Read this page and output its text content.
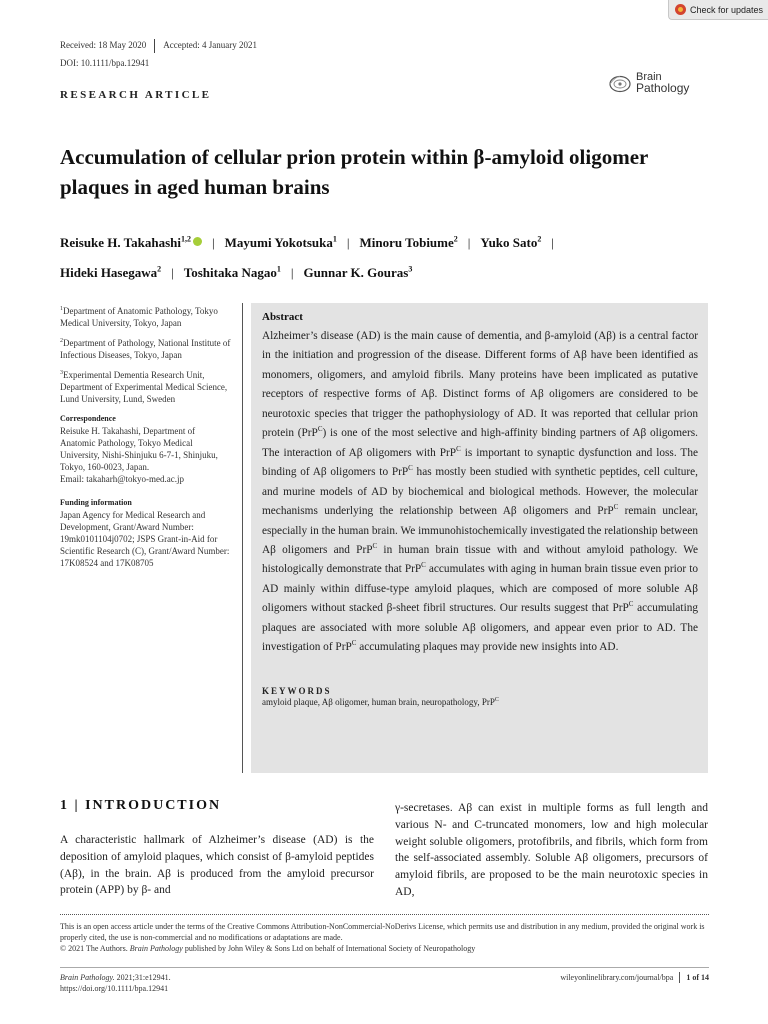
Check for updates
Received: 18 May 2020 Accepted: 4 January 2021
DOI: 10.1111/bpa.12941
RESEARCH ARTICLE
Brain
Pathology
Accumulation of cellular prion protein within β-amyloid oligomer
plaques in aged human brains
Reisuke H. Takahashi$^{1,2}$ | Mayumi Yokotsuka$^1$ | Minoru Tobiume$^2$ | Yuko Sato$^2$ |
Hideki Hasegawa$^2$ | Toshitaka Nagao$^1$ | Gunnar K. Gouras$^3$

$^1$Department of Anatomic Pathology, Tokyo Medical University, Tokyo, Japan

$^2$Department of Pathology, National Institute of Infectious Diseases, Tokyo, Japan

$^3$Experimental Dementia Research Unit, Department of Experimental Medical Science, Lund University, Lund, Sweden

Correspondence
Reisuke H. Takahashi, Department of Anatomic Pathology, Tokyo Medical University, Nishi-Shinjuku 6-7-1, Shinjuku, Tokyo, 160-0023, Japan.
Email: takaharh@tokyo-med.ac.jp
Funding information
Japan Agency for Medical Research and Development, Grant/Award Number: 19mk0101104j0702; JSPS Grant-in-Aid for Scientific Research (C), Grant/Award Number: 17K08524 and 17K08705
Abstract

Alzheimer’s disease (AD) is the main cause of dementia, and β-amyloid (Aβ) is a central factor in the initiation and progression of the disease. Different forms of Aβ have been identified as monomers, oligomers, and amyloid fibrils. Many proteins have been implicated as putative receptors of respective forms of Aβ. Distinct forms of Aβ oligomers are considered to be neurotoxic species that trigger the pathophysiology of AD. It was reported that cellular prion protein (PrP$^C$) is one of the most selective and high-affinity binding partners of Aβ oligomers. The interaction of Aβ oligomers with PrP$^C$ is important to synaptic dysfunction and loss. The binding of Aβ oligomers to PrP$^C$ has mostly been studied with synthetic peptides, cell culture, and murine models of AD by biochemical and biological methods. However, the molecular mechanisms underlying the relationship between Aβ oligomers and PrP$^C$ remain unclear, especially in the human brain. We immunohistochemically investigated the relationship between Aβ oligomers and PrP$^C$ in human brain tissue with and without amyloid pathology. We histologically demonstrate that PrP$^C$ accumulates with aging in human brain tissue even prior to AD mainly within diffuse-type amyloid plaques, which are composed of more soluble Aβ oligomers without stacked β-sheet fibril structures. Our results suggest that PrP$^C$ accumulating plaques are associated with more soluble Aβ oligomers, and appear even prior to AD. The investigation of PrP$^C$ accumulating plaques may provide new insights into AD.

KEYWORDS
amyloid plaque, Aβ oligomer, human brain, neuropathology, PrP$^C$
1 | INTRODUCTION

A characteristic hallmark of Alzheimer’s disease (AD) is the deposition of amyloid plaques, which consist of β-amyloid peptides (Aβ), in the brain. Aβ is produced from the amyloid precursor protein (APP) by β- and

γ-secretases. Aβ can exist in multiple forms as full length and various N- and C-truncated monomers, low and high molecular weight soluble oligomers, protofibrils, and fibrils, which form from the self-associated assembly. Soluble Aβ oligomers, precursors of amyloid fibrils, are proposed to be the main neurotoxic species in AD,

This is an open access article under the terms of the Creative Commons Attribution-NonCommercial-NoDerivs License, which permits use and distribution in any medium, provided the original work is properly cited, the use is non-commercial and no modifications or adaptations are made.
© 2021 The Authors. Brain Pathology published by John Wiley & Sons Ltd on behalf of International Society of Neuropathology
Brain Pathology. 2021;31:e12941.
https://doi.org/10.1111/bpa.12941
wileyonlinelibrary.com/journal/bpa 1 of 14
